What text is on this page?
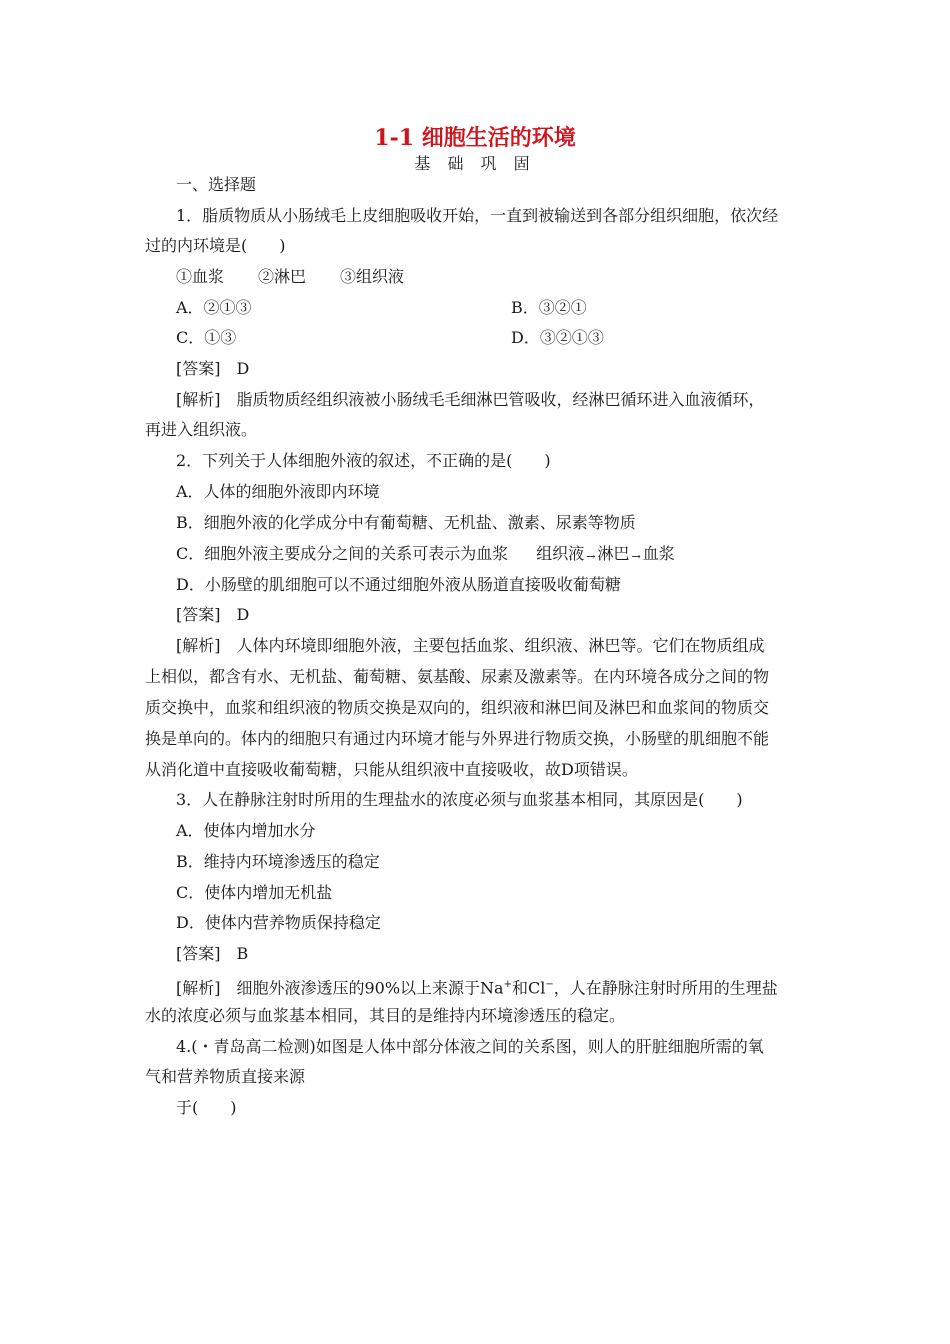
1-1 细胞生活的环境
基 础 巩 固
一、选择题
1．脂质物质从小肠绒毛上皮细胞吸收开始，一直到被输送到各部分组织细胞，依次经
过的内环境是(　　)
①血浆 ②淋巴 ③组织液
A．②①③	B．③②①
C．①③	D．③②①③
[答案]　D
[解析]　脂质物质经组织液被小肠绒毛毛细淋巴管吸收，经淋巴循环进入血液循环，
再进入组织液。
2．下列关于人体细胞外液的叙述，不正确的是(　　)
A．人体的细胞外液即内环境
B．细胞外液的化学成分中有葡萄糖、无机盐、激素、尿素等物质
C．细胞外液主要成分之间的关系可表示为血浆 组织液 → 淋巴 → 血浆
D．小肠壁的肌细胞可以不通过细胞外液从肠道直接吸收葡萄糖
[答案]　D
[解析]　人体内环境即细胞外液，主要包括血浆、组织液、淋巴等。它们在物质组成
上相似，都含有水、无机盐、葡萄糖、氨基酸、尿素及激素等。在内环境各成分之间的物
质交换中，血浆和组织液的物质交换是双向的，组织液和淋巴间及淋巴和血浆间的物质交
换是单向的。体内的细胞只有通过内环境才能与外界进行物质交换，小肠壁的肌细胞不能
从消化道中直接吸收葡萄糖，只能从组织液中直接吸收，故D项错误。
3．人在静脉注射时所用的生理盐水的浓度必须与血浆基本相同，其原因是(　　)
A．使体内增加水分
B．维持内环境渗透压的稳定
C．使体内增加无机盐
D．使体内营养物质保持稳定
[答案]　B
[解析]　细胞外液渗透压的90%以上来源于Na+和Cl−，人在静脉注射时所用的生理盐
水的浓度必须与血浆基本相同，其目的是维持内环境渗透压的稳定。
4.(・青岛高二检测)如图是人体中部分体液之间的关系图，则人的肝脏细胞所需的氧
气和营养物质直接来源
于(　　)
